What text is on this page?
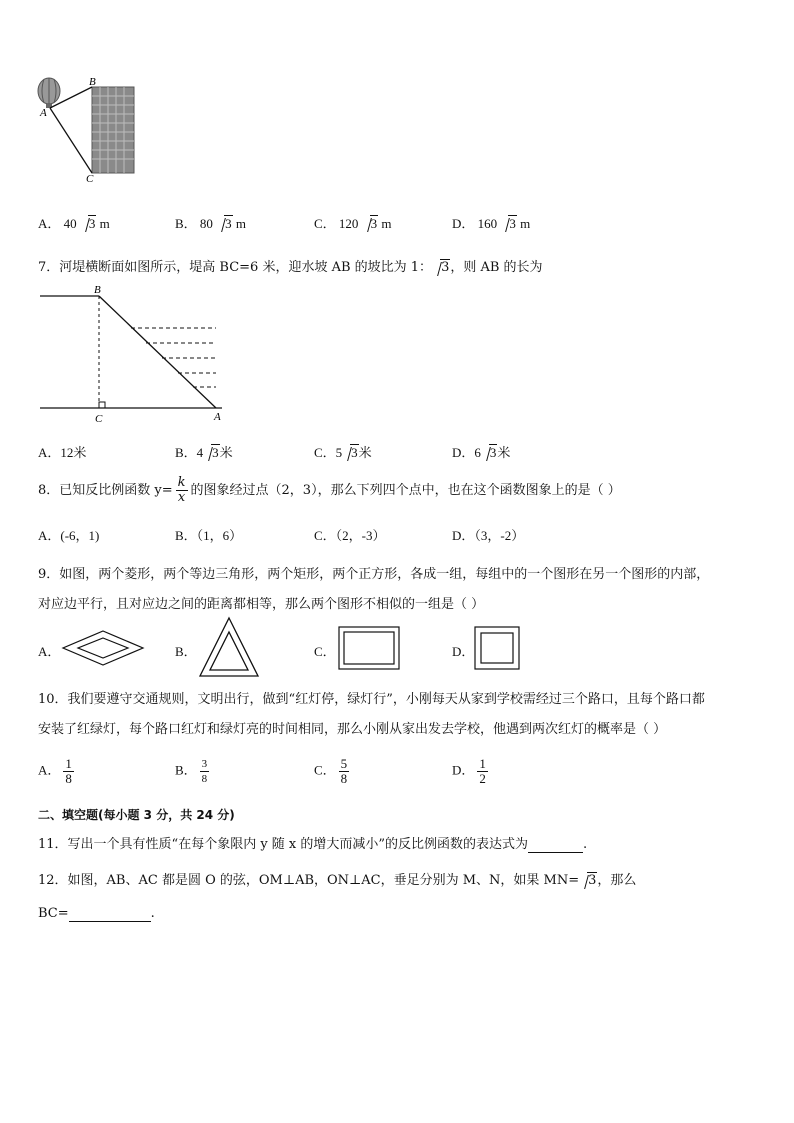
A
B
C
A． 40 3 m	B． 80 3 m	C． 120 3 m	D． 160 3 m
7．河堤横断面如图所示，堤高 BC=6 米，迎水坡 AB 的坡比为 1： 3，则 AB 的长为
B
C	A
A．12米	B．4 3米	C．5 3米	D．6 3米
8．已知反比例函数 $y= \frac{k}{x}$ 的图象经过点（2，3），那么下列四个点中，也在这个函数图象上的是（ ）
A．(-6，1)	B．（1，6）	C．（2，-3）	D．（3，-2）
9．如图，两个菱形，两个等边三角形，两个矩形，两个正方形，各成一组，每组中的一个图形在另一个图形的内部，
对应边平行，且对应边之间的距离都相等，那么两个图形不相似的一组是（ ）
A．	B．	C．	D．
10．我们要遵守交通规则，文明出行，做到“红灯停，绿灯行”，小刚每天从家到学校需经过三个路口，且每个路口都
安装了红绿灯，每个路口红灯和绿灯亮的时间相同，那么小刚从家出发去学校，他遇到两次红灯的概率是（ ）
A． $\frac{1}{8}$	B． $\frac{3}{8}$	C． $\frac{5}{8}$	D． $\frac{1}{2}$
二、填空题(每小题 3 分，共 24 分)
11．写出一个具有性质“在每个象限内 y 随 x 的增大而减小”的反比例函数的表达式为	.
12．如图，AB、AC 都是圆 O 的弦，OM⊥AB，ON⊥AC，垂足分别为 M、N，如果 MN= 3，那么
BC=	.
